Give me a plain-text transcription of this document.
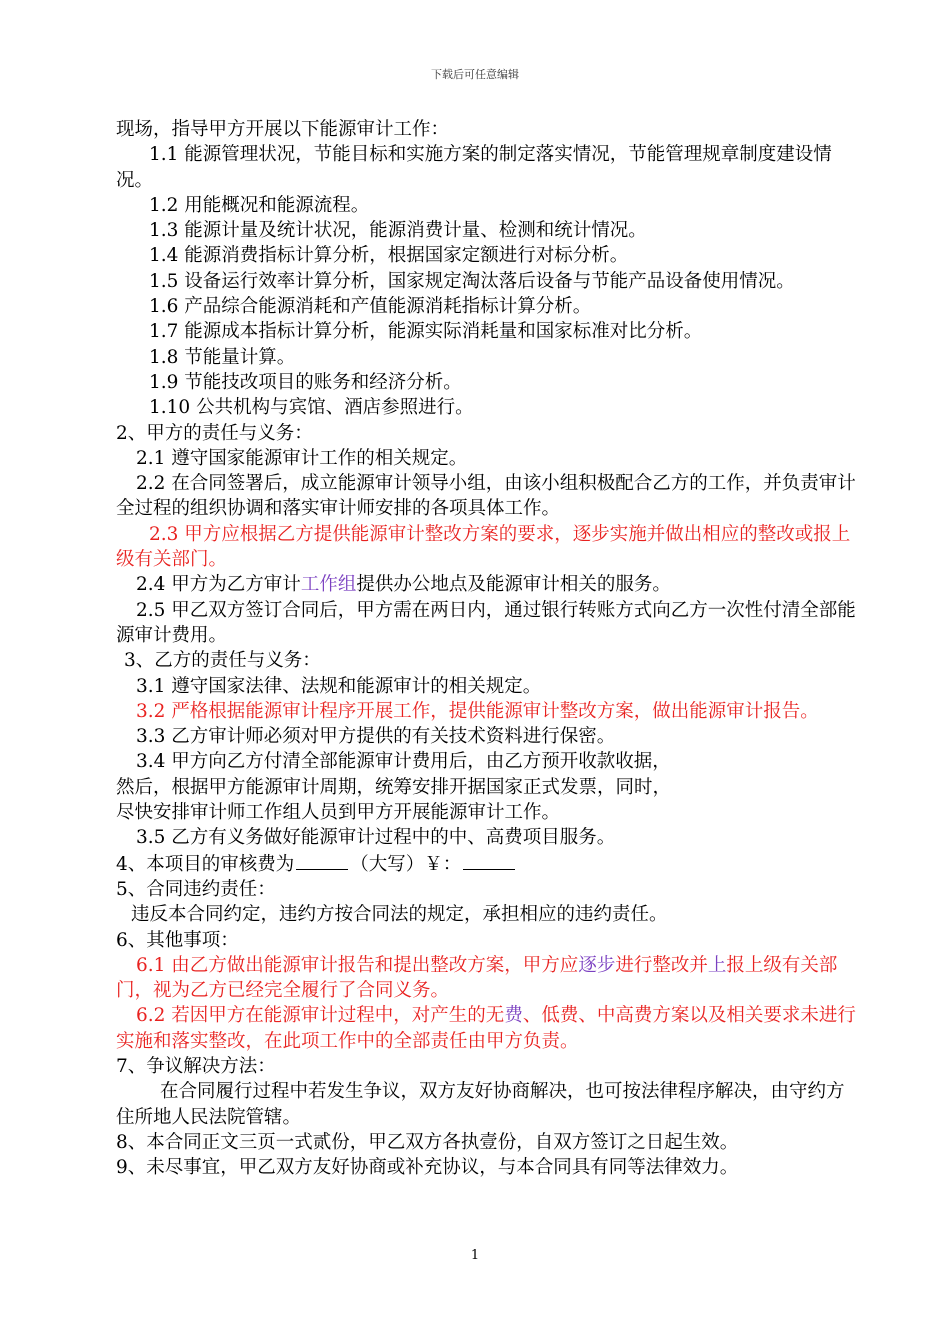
下载后可任意编辑

现场，指导甲方开展以下能源审计工作：

1.1 能源管理状况，节能目标和实施方案的制定落实情况，节能管理规章制度建设情况。

1.2 用能概况和能源流程。

1.3 能源计量及统计状况，能源消费计量、检测和统计情况。

1.4 能源消费指标计算分析，根据国家定额进行对标分析。

1.5 设备运行效率计算分析，国家规定淘汰落后设备与节能产品设备使用情况。

1.6 产品综合能源消耗和产值能源消耗指标计算分析。

1.7 能源成本指标计算分析，能源实际消耗量和国家标准对比分析。

1.8 节能量计算。

1.9 节能技改项目的账务和经济分析。

1.10 公共机构与宾馆、酒店参照进行。

2、甲方的责任与义务：

2.1 遵守国家能源审计工作的相关规定。

2.2 在合同签署后，成立能源审计领导小组，由该小组积极配合乙方的工作，并负责审计全过程的组织协调和落实审计师安排的各项具体工作。

2.3 甲方应根据乙方提供能源审计整改方案的要求，逐步实施并做出相应的整改或报上级有关部门。

2.4 甲方为乙方审计工作组提供办公地点及能源审计相关的服务。

2.5 甲乙双方签订合同后，甲方需在两日内，通过银行转账方式向乙方一次性付清全部能源审计费用。

3、乙方的责任与义务：

3.1 遵守国家法律、法规和能源审计的相关规定。

3.2 严格根据能源审计程序开展工作，提供能源审计整改方案，做出能源审计报告。

3.3 乙方审计师必须对甲方提供的有关技术资料进行保密。

3.4 甲方向乙方付清全部能源审计费用后，由乙方预开收款收据，

然后，根据甲方能源审计周期，统筹安排开据国家正式发票，同时，

尽快安排审计师工作组人员到甲方开展能源审计工作。

3.5 乙方有义务做好能源审计过程中的中、高费项目服务。

4、本项目的审核费为	（大写）￥：

5、合同违约责任：

违反本合同约定，违约方按合同法的规定，承担相应的违约责任。

6、其他事项：

6.1 由乙方做出能源审计报告和提出整改方案，甲方应逐步进行整改并上报上级有关部门，视为乙方已经完全履行了合同义务。

6.2 若因甲方在能源审计过程中，对产生的无费、低费、中高费方案以及相关要求未进行实施和落实整改，在此项工作中的全部责任由甲方负责。

7、争议解决方法：

在合同履行过程中若发生争议，双方友好协商解决，也可按法律程序解决，由守约方住所地人民法院管辖。

8、本合同正文三页一式贰份，甲乙双方各执壹份，自双方签订之日起生效。

9、未尽事宜，甲乙双方友好协商或补充协议，与本合同具有同等法律效力。

1
